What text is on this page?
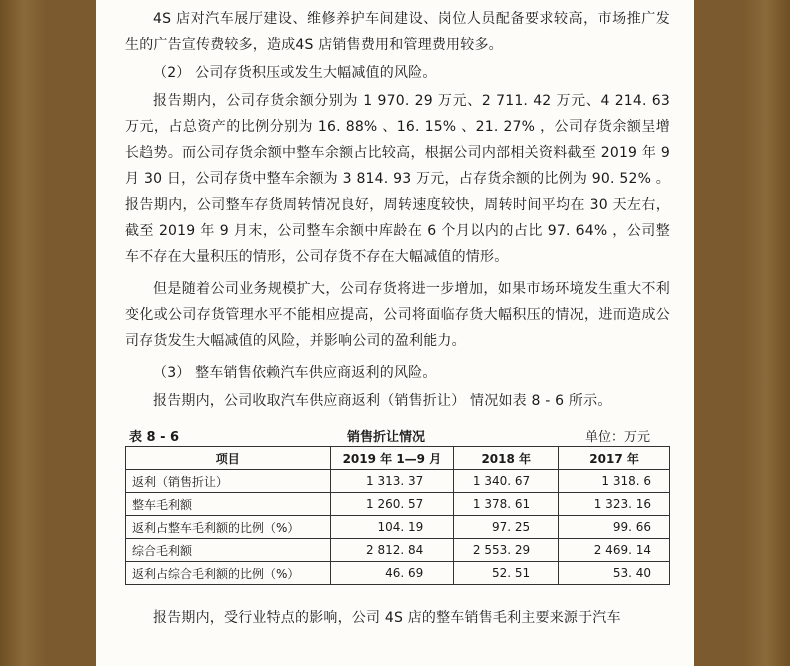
4S 店对汽车展厅建设、维修养护车间建设、岗位人员配备要求较高，市场推广发生的广告宣传费较多，造成4S 店销售费用和管理费用较多。

（2） 公司存货积压或发生大幅减值的风险。

报告期内，公司存货余额分别为 1 970. 29 万元、2 711. 42 万元、4 214. 63 万元，占总资产的比例分别为 16. 88% 、16. 15% 、21. 27% ，公司存货余额呈增长趋势。而公司存货余额中整车余额占比较高，根据公司内部相关资料截至 2019 年 9 月 30 日，公司存货中整车余额为 3 814. 93 万元，占存货余额的比例为 90. 52% 。报告期内，公司整车存货周转情况良好，周转速度较快，周转时间平均在 30 天左右，截至 2019 年 9 月末，公司整车余额中库龄在 6 个月以内的占比 97. 64% ，公司整车不存在大量积压的情形，公司存货不存在大幅减值的情形。

但是随着公司业务规模扩大，公司存货将进一步增加，如果市场环境发生重大不利变化或公司存货管理水平不能相应提高，公司将面临存货大幅积压的情况，进而造成公司存货发生大幅减值的风险，并影响公司的盈利能力。

（3） 整车销售依赖汽车供应商返利的风险。

报告期内，公司收取汽车供应商返利（销售折让） 情况如表 8 - 6 所示。

表 8 - 6	销售折让情况	单位：万元
项目	2019 年 1—9 月	2018 年	2017 年
返利（销售折让）	1 313. 37	1 340. 67	1 318. 6
整车毛利额	1 260. 57	1 378. 61	1 323. 16
返利占整车毛利额的比例（%）	104. 19	97. 25	99. 66
综合毛利额	2 812. 84	2 553. 29	2 469. 14
返利占综合毛利额的比例（%）	46. 69	52. 51	53. 40

报告期内，受行业特点的影响，公司 4S 店的整车销售毛利主要来源于汽车
